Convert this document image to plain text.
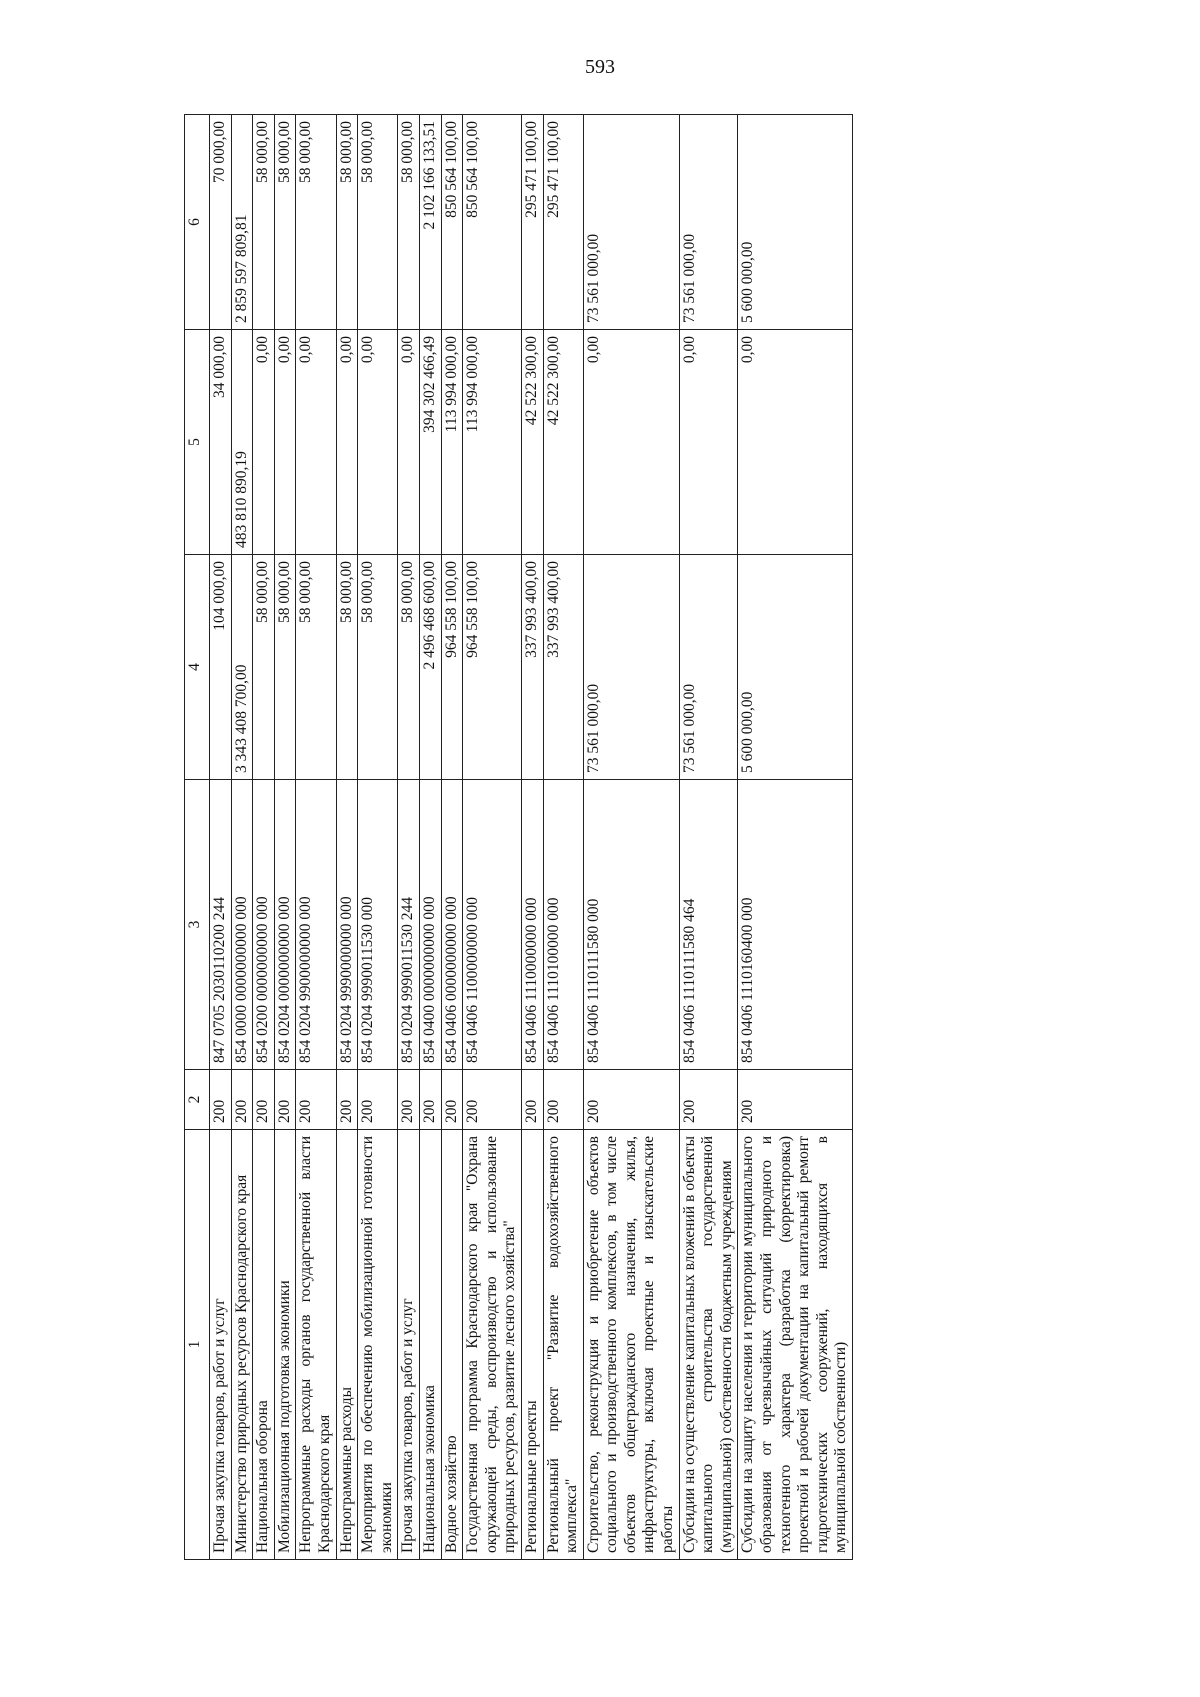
593
1	2	3	4	5	6
Прочая закупка товаров, работ и услуг	200	847 0705 2030110200 244	104 000,00	34 000,00	70 000,00
Министерство природных ресурсов Краснодарского края	200	854 0000 0000000000 000	3 343 408 700,00	483 810 890,19	2 859 597 809,81
Национальная оборона	200	854 0200 0000000000 000	58 000,00	0,00	58 000,00
Мобилизационная подготовка экономики	200	854 0204 0000000000 000	58 000,00	0,00	58 000,00
Непрограммные расходы органов государственной власти Краснодарского края	200	854 0204 9900000000 000	58 000,00	0,00	58 000,00
Непрограммные расходы	200	854 0204 9990000000 000	58 000,00	0,00	58 000,00
Мероприятия по обеспечению мобилизационной готовности экономики	200	854 0204 9990011530 000	58 000,00	0,00	58 000,00
Прочая закупка товаров, работ и услуг	200	854 0204 9990011530 244	58 000,00	0,00	58 000,00
Национальная экономика	200	854 0400 0000000000 000	2 496 468 600,00	394 302 466,49	2 102 166 133,51
Водное хозяйство	200	854 0406 0000000000 000	964 558 100,00	113 994 000,00	850 564 100,00
Государственная программа Краснодарского края "Охрана окружающей среды, воспроизводство и использование природных ресурсов, развитие лесного хозяйства"	200	854 0406 1100000000 000	964 558 100,00	113 994 000,00	850 564 100,00
Региональные проекты	200	854 0406 1110000000 000	337 993 400,00	42 522 300,00	295 471 100,00
Региональный проект "Развитие водохозяйственного комплекса"	200	854 0406 1110100000 000	337 993 400,00	42 522 300,00	295 471 100,00
Строительство, реконструкция и приобретение объектов социального и производственного комплексов, в том числе объектов общегражданского назначения, жилья, инфраструктуры, включая проектные и изыскательские работы	200	854 0406 1110111580 000	73 561 000,00	0,00	73 561 000,00
Субсидии на осуществление капитальных вложений в объекты капитального строительства государственной (муниципальной) собственности бюджетным учреждениям	200	854 0406 1110111580 464	73 561 000,00	0,00	73 561 000,00
Субсидии на защиту населения и территории муниципального образования от чрезвычайных ситуаций природного и техногенного характера (разработка (корректировка) проектной и рабочей документации на капитальный ремонт гидротехнических сооружений, находящихся в муниципальной собственности)	200	854 0406 1110160400 000	5 600 000,00	0,00	5 600 000,00
